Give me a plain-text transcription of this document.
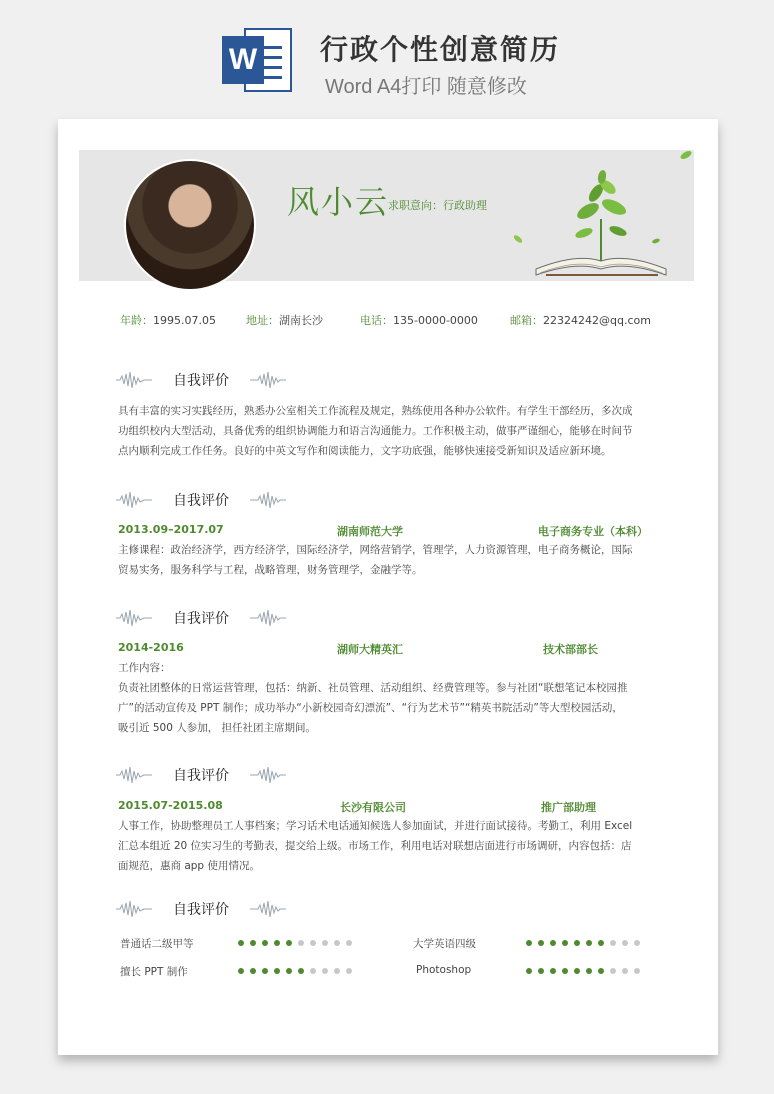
W 行政个性创意简历
Word A4打印 随意修改
风小云
求职意向：行政助理
年龄：1995.07.05	地址：湖南长沙	电话：135-0000-0000	邮箱：22324242@qq.com
自我评价
具有丰富的实习实践经历，熟悉办公室相关工作流程及规定，熟练使用各种办公软件。有学生干部经历，多次成
功组织校内大型活动，具备优秀的组织协调能力和语言沟通能力。工作积极主动，做事严谨细心，能够在时间节
点内顺利完成工作任务。良好的中英文写作和阅读能力，文字功底强，能够快速接受新知识及适应新环境。
自我评价
2013.09–2017.07	湖南师范大学	电子商务专业（本科）
主修课程：政治经济学，西方经济学，国际经济学，网络营销学，管理学，人力资源管理，电子商务概论，国际
贸易实务，服务科学与工程，战略管理，财务管理学，金融学等。
自我评价
2014-2016	湖师大精英汇	技术部部长
工作内容：
负责社团整体的日常运营管理，包括：纳新、社员管理、活动组织、经费管理等。参与社团“联想笔记本校园推
广”的活动宣传及 PPT 制作；成功举办“小新校园奇幻漂流”、“行为艺术节”“精英书院活动”等大型校园活动，
吸引近 500 人参加， 担任社团主席期间。
自我评价
2015.07-2015.08	长沙有限公司	推广部助理
人事工作，协助整理员工人事档案；学习话术电话通知候选人参加面试，并进行面试接待。考勤工，利用 Excel
汇总本组近 20 位实习生的考勤表，提交给上级。市场工作，利用电话对联想店面进行市场调研，内容包括：店
面规范，惠商 app 使用情况。
自我评价
普通话二级甲等	大学英语四级
擅长 PPT 制作	Photoshop
